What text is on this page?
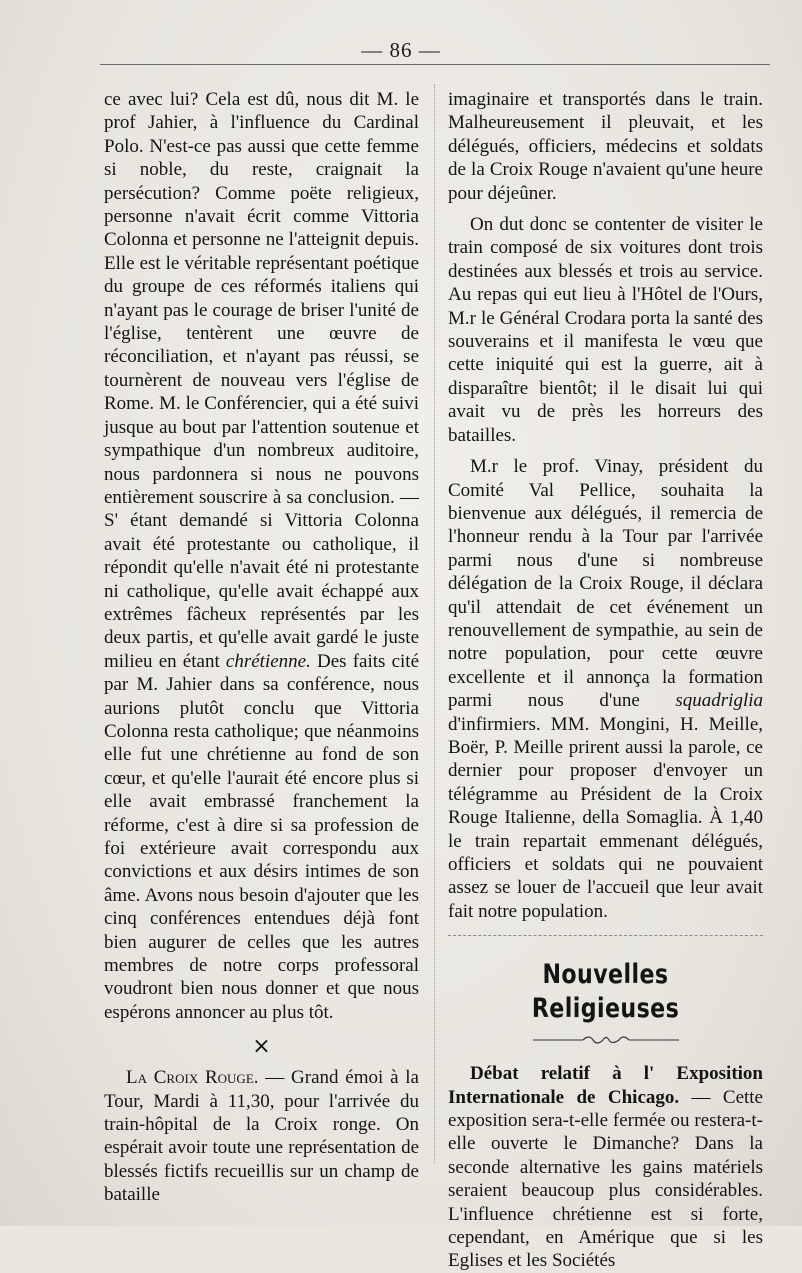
— 86 —

ce avec lui? Cela est dû, nous dit M. le prof Jahier, à l'influence du Cardinal Polo. N'est-ce pas aussi que cette femme si noble, du reste, craignait la persécution? Comme poëte religieux, personne n'avait écrit comme Vittoria Colonna et personne ne l'atteignit depuis. Elle est le véritable représentant poétique du groupe de ces réformés italiens qui n'ayant pas le courage de briser l'unité de l'église, tentèrent une œuvre de réconciliation, et n'ayant pas réussi, se tournèrent de nouveau vers l'église de Rome. M. le Conférencier, qui a été suivi jusque au bout par l'attention soutenue et sympathique d'un nombreux auditoire, nous pardonnera si nous ne pouvons entièrement souscrire à sa conclusion. — S' étant demandé si Vittoria Colonna avait été protestante ou catholique, il répondit qu'elle n'avait été ni protestante ni catholique, qu'elle avait échappé aux extrêmes fâcheux représentés par les deux partis, et qu'elle avait gardé le juste milieu en étant chrétienne. Des faits cité par M. Jahier dans sa conférence, nous aurions plutôt conclu que Vittoria Colonna resta catholique; que néanmoins elle fut une chrétienne au fond de son cœur, et qu'elle l'aurait été encore plus si elle avait embrassé franchement la réforme, c'est à dire si sa profession de foi extérieure avait correspondu aux convictions et aux désirs intimes de son âme. Avons nous besoin d'ajouter que les cinq conférences entendues déjà font bien augurer de celles que les autres membres de notre corps professoral voudront bien nous donner et que nous espérons annoncer au plus tôt.

×

La Croix Rouge. — Grand émoi à la Tour, Mardi à 11,30, pour l'arrivée du train-hôpital de la Croix ronge. On espérait avoir toute une représentation de blessés fictifs recueillis sur un champ de bataille

imaginaire et transportés dans le train. Malheureusement il pleuvait, et les délégués, officiers, médecins et soldats de la Croix Rouge n'avaient qu'une heure pour déjeûner.

On dut donc se contenter de visiter le train composé de six voitures dont trois destinées aux blessés et trois au service. Au repas qui eut lieu à l'Hôtel de l'Ours, M.r le Général Crodara porta la santé des souverains et il manifesta le vœu que cette iniquité qui est la guerre, ait à disparaître bientôt; il le disait lui qui avait vu de près les horreurs des batailles.

M.r le prof. Vinay, président du Comité Val Pellice, souhaita la bienvenue aux délégués, il remercia de l'honneur rendu à la Tour par l'arrivée parmi nous d'une si nombreuse délégation de la Croix Rouge, il déclara qu'il attendait de cet événement un renouvellement de sympathie, au sein de notre population, pour cette œuvre excellente et il annonça la formation parmi nous d'une squadriglia d'infirmiers. MM. Mongini, H. Meille, Boër, P. Meille prirent aussi la parole, ce dernier pour proposer d'envoyer un télégramme au Président de la Croix Rouge Italienne, della Somaglia. À 1,40 le train repartait emmenant délégués, officiers et soldats qui ne pouvaient assez se louer de l'accueil que leur avait fait notre population.

Nouvelles Religieuses

Débat relatif à l' Exposition Internationale de Chicago. — Cette exposition sera-t-elle fermée ou restera-t-elle ouverte le Dimanche? Dans la seconde alternative les gains matériels seraient beaucoup plus considérables. L'influence chrétienne est si forte, cependant, en Amérique que si les Eglises et les Sociétés
